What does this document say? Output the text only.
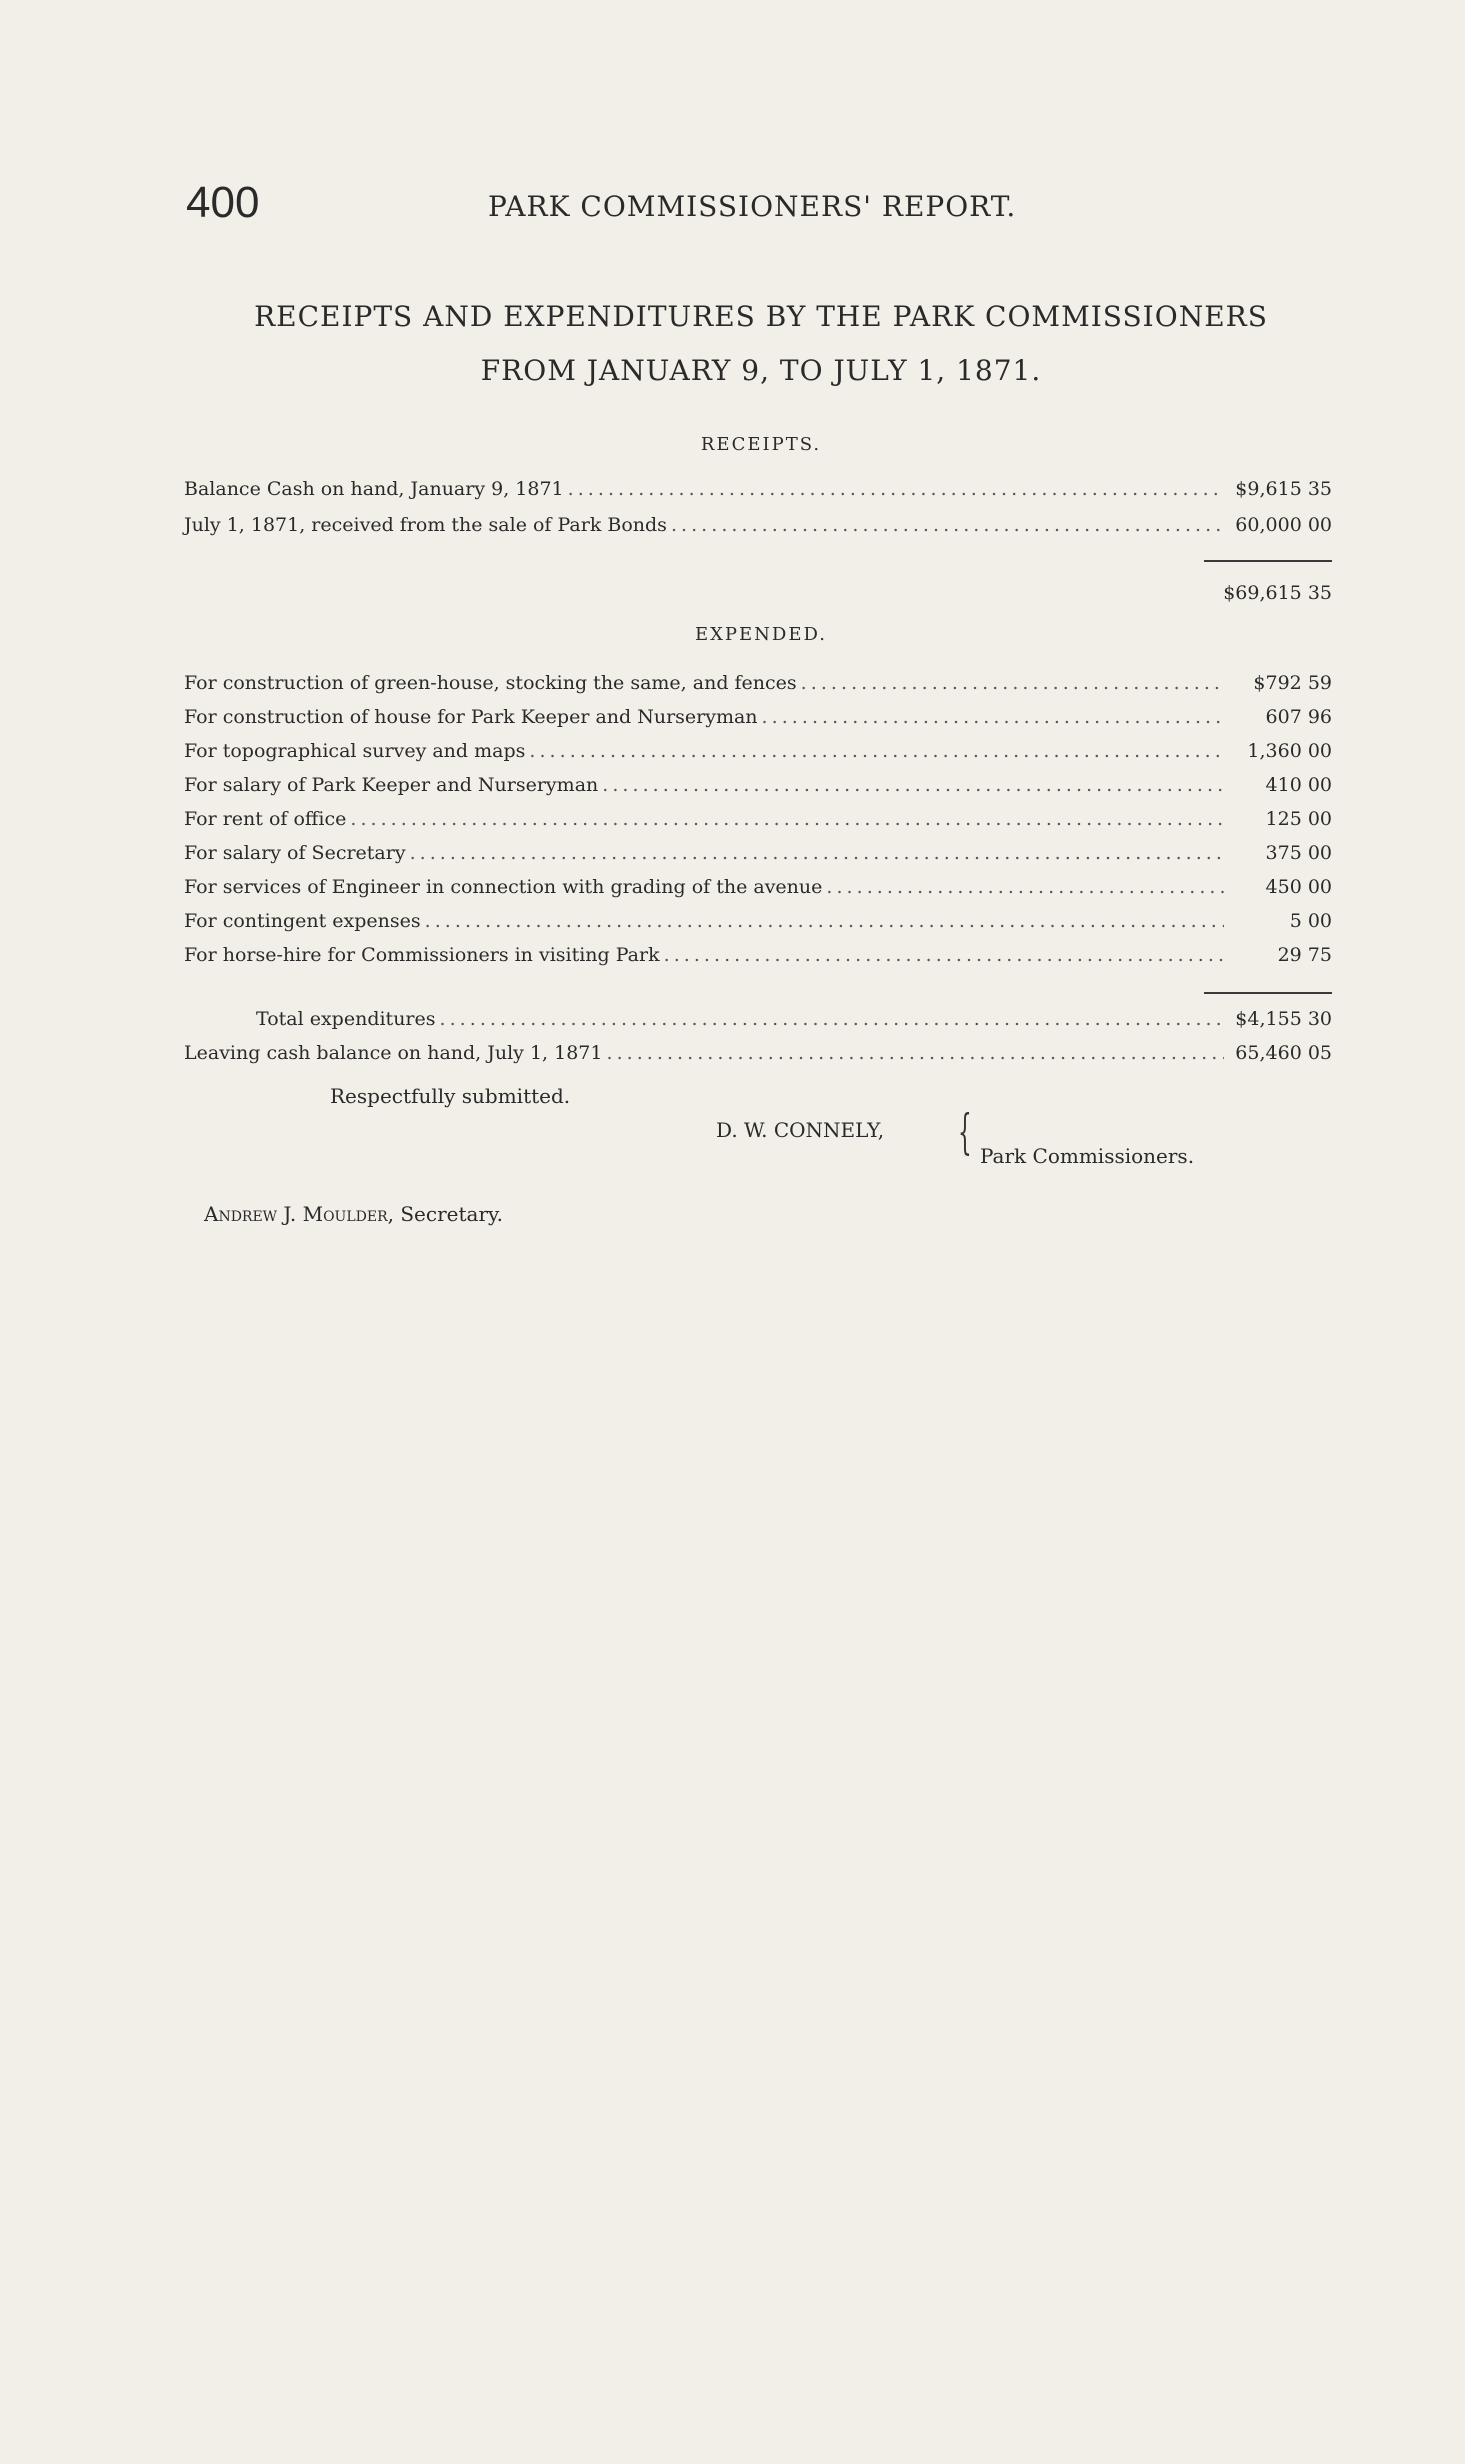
400	PARK COMMISSIONERS' REPORT.
RECEIPTS AND EXPENDITURES BY THE PARK COMMISSIONERS
FROM JANUARY 9, TO JULY 1, 1871.
RECEIPTS.
Balance Cash on hand, January 9, 1871 . . .	$9,615 35
July 1, 1871, received from the sale of Park Bonds . . .	60,000 00
$69,615 35
EXPENDED.
For construction of green-house, stocking the same, and fences . . .	$792 59
For construction of house for Park Keeper and Nurseryman . . .	607 96
For topographical survey and maps . . .	1,360 00
For salary of Park Keeper and Nurseryman . . .	410 00
For rent of office . . .	125 00
For salary of Secretary . . .	375 00
For services of Engineer in connection with grading of the avenue . . .	450 00
For contingent expenses . . .	5 00
For horse-hire for Commissioners in visiting Park . . .	29 75
Total expenditures . . .	$4,155 30
Leaving cash balance on hand, July 1, 1871 . . .	65,460 05
Respectfully submitted.
D. W. CONNELY, { Park Commissioners.
Andrew J. Moulder, Secretary.
